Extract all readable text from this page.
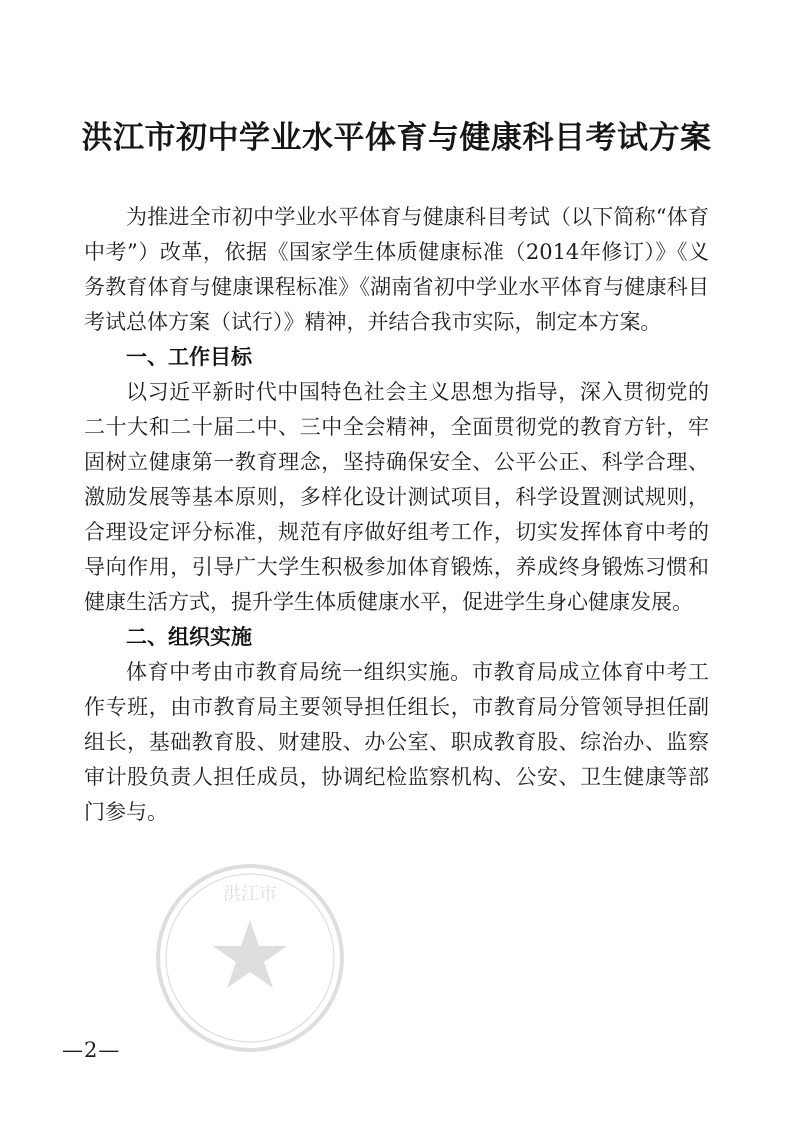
洪江市初中学业水平体育与健康科目考试方案

为推进全市初中学业水平体育与健康科目考试（以下简称“体育中考”）改革，依据《国家学生体质健康标准（2014年修订）》《义务教育体育与健康课程标准》《湖南省初中学业水平体育与健康科目考试总体方案（试行）》精神，并结合我市实际，制定本方案。

一、工作目标

以习近平新时代中国特色社会主义思想为指导，深入贯彻党的二十大和二十届二中、三中全会精神，全面贯彻党的教育方针，牢固树立健康第一教育理念，坚持确保安全、公平公正、科学合理、激励发展等基本原则，多样化设计测试项目，科学设置测试规则，合理设定评分标准，规范有序做好组考工作，切实发挥体育中考的导向作用，引导广大学生积极参加体育锻炼，养成终身锻炼习惯和健康生活方式，提升学生体质健康水平，促进学生身心健康发展。

二、组织实施

体育中考由市教育局统一组织实施。市教育局成立体育中考工作专班，由市教育局主要领导担任组长，市教育局分管领导担任副组长，基础教育股、财建股、办公室、职成教育股、综治办、监察审计股负责人担任成员，协调纪检监察机构、公安、卫生健康等部门参与。

洪江市
—2—
